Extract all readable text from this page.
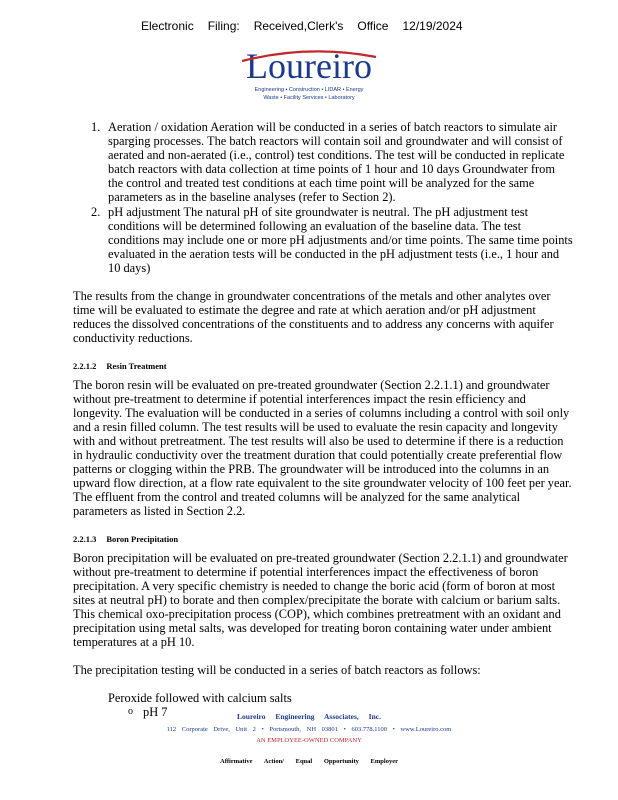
Electronic Filing: Received,Clerk's Office 12/19/2024
Loureiro
Engineering • Construction • LIDAR • Energy
Waste • Facility Services • Laboratory
1. Aeration / oxidation Aeration will be conducted in a series of batch reactors to simulate air sparging processes. The batch reactors will contain soil and groundwater and will consist of aerated and non-aerated (i.e., control) test conditions. The test will be conducted in replicate batch reactors with data collection at time points of 1 hour and 10 days Groundwater from the control and treated test conditions at each time point will be analyzed for the same parameters as in the baseline analyses (refer to Section 2).
2. pH adjustment The natural pH of site groundwater is neutral. The pH adjustment test conditions will be determined following an evaluation of the baseline data. The test conditions may include one or more pH adjustments and/or time points. The same time points evaluated in the aeration tests will be conducted in the pH adjustment tests (i.e., 1 hour and 10 days)

The results from the change in groundwater concentrations of the metals and other analytes over time will be evaluated to estimate the degree and rate at which aeration and/or pH adjustment reduces the dissolved concentrations of the constituents and to address any concerns with aquifer conductivity reductions.

2.2.1.2 Resin Treatment

The boron resin will be evaluated on pre-treated groundwater (Section 2.2.1.1) and groundwater without pre-treatment to determine if potential interferences impact the resin efficiency and longevity. The evaluation will be conducted in a series of columns including a control with soil only and a resin filled column. The test results will be used to evaluate the resin capacity and longevity with and without pretreatment. The test results will also be used to determine if there is a reduction in hydraulic conductivity over the treatment duration that could potentially create preferential flow patterns or clogging within the PRB. The groundwater will be introduced into the columns in an upward flow direction, at a flow rate equivalent to the site groundwater velocity of 100 feet per year. The effluent from the control and treated columns will be analyzed for the same analytical parameters as listed in Section 2.2.

2.2.1.3 Boron Precipitation

Boron precipitation will be evaluated on pre-treated groundwater (Section 2.2.1.1) and groundwater without pre-treatment to determine if potential interferences impact the effectiveness of boron precipitation. A very specific chemistry is needed to change the boric acid (form of boron at most sites at neutral pH) to borate and then complex/precipitate the borate with calcium or barium salts. This chemical oxo-precipitation process (COP), which combines pretreatment with an oxidant and precipitation using metal salts, was developed for treating boron containing water under ambient temperatures at a pH 10.

The precipitation testing will be conducted in a series of batch reactors as follows:

Peroxide followed with calcium salts
o pH 7	Loureiro Engineering Associates, Inc.
112 Corporate Drive, Unit 2 • Portsmouth, NH 03801 • 603.778.1100 • www.Loureiro.com
AN EMPLOYEE-OWNED COMPANY
Affirmative Action/ Equal Opportunity Employer
